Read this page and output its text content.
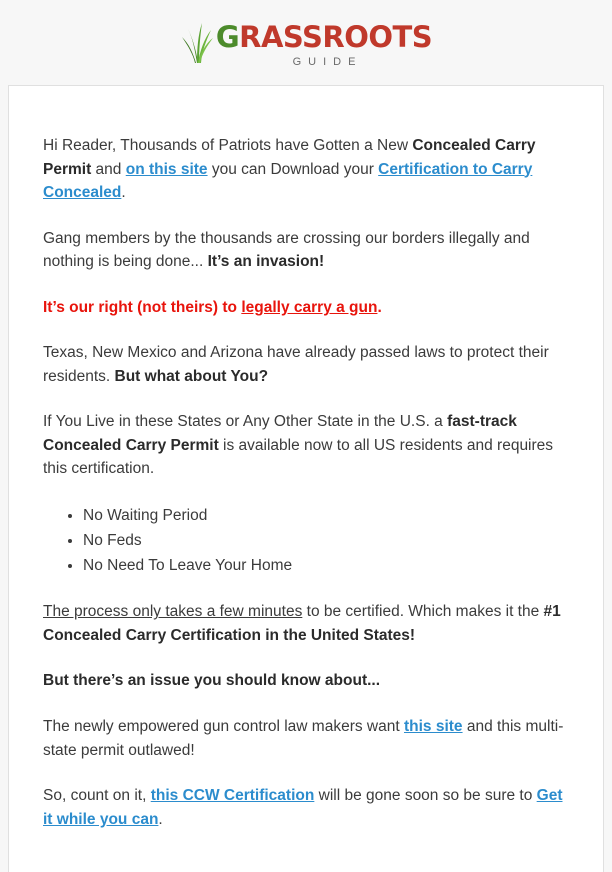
GRASSROOTS
GUIDE

Hi Reader, Thousands of Patriots have Gotten a New Concealed Carry Permit and on this site you can Download your Certification to Carry Concealed.

Gang members by the thousands are crossing our borders illegally and nothing is being done... It’s an invasion!

It’s our right (not theirs) to legally carry a gun.

Texas, New Mexico and Arizona have already passed laws to protect their residents. But what about You?

If You Live in these States or Any Other State in the U.S. a fast-track Concealed Carry Permit is available now to all US residents and requires this certification.

• No Waiting Period
• No Feds
• No Need To Leave Your Home

The process only takes a few minutes to be certified. Which makes it the #1 Concealed Carry Certification in the United States!

But there’s an issue you should know about...

The newly empowered gun control law makers want this site and this multi-state permit outlawed!

So, count on it, this CCW Certification will be gone soon so be sure to Get it while you can.
